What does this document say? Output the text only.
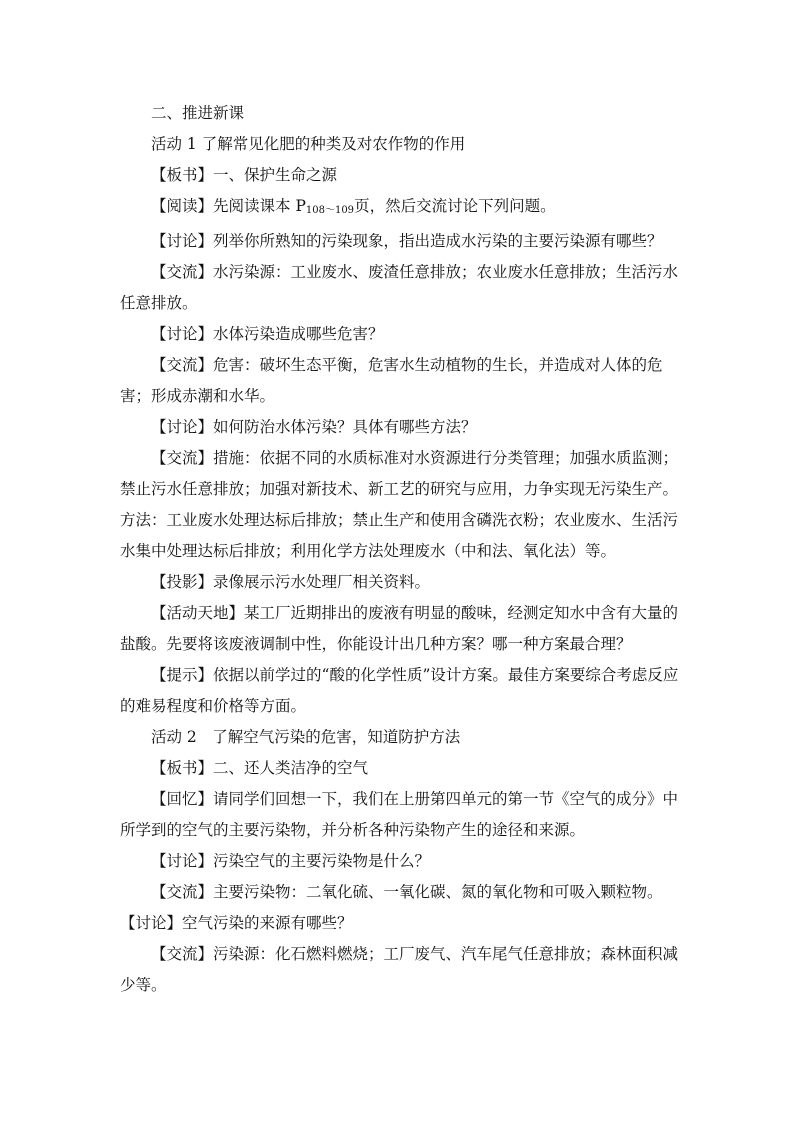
二、推进新课

活动 1 了解常见化肥的种类及对农作物的作用

【板书】一、保护生命之源

【阅读】先阅读课本 $P_{108\sim 109}$页，然后交流讨论下列问题。

【讨论】列举你所熟知的污染现象，指出造成水污染的主要污染源有哪些？

【交流】水污染源：工业废水、废渣任意排放；农业废水任意排放；生活污水任意排放。

【讨论】水体污染造成哪些危害？

【交流】危害：破坏生态平衡，危害水生动植物的生长，并造成对人体的危害；形成赤潮和水华。

【讨论】如何防治水体污染？具体有哪些方法？

【交流】措施：依据不同的水质标准对水资源进行分类管理；加强水质监测；禁止污水任意排放；加强对新技术、新工艺的研究与应用，力争实现无污染生产。方法：工业废水处理达标后排放；禁止生产和使用含磷洗衣粉；农业废水、生活污水集中处理达标后排放；利用化学方法处理废水（中和法、氧化法）等。

【投影】录像展示污水处理厂相关资料。

【活动天地】某工厂近期排出的废液有明显的酸味，经测定知水中含有大量的盐酸。先要将该废液调制中性，你能设计出几种方案？哪一种方案最合理？

【提示】依据以前学过的“酸的化学性质”设计方案。最佳方案要综合考虑反应的难易程度和价格等方面。

活动 2　了解空气污染的危害，知道防护方法

【板书】二、还人类洁净的空气

【回忆】请同学们回想一下，我们在上册第四单元的第一节《空气的成分》中所学到的空气的主要污染物，并分析各种污染物产生的途径和来源。

【讨论】污染空气的主要污染物是什么？

【交流】主要污染物：二氧化硫、一氧化碳、氮的氧化物和可吸入颗粒物。

【讨论】空气污染的来源有哪些？

【交流】污染源：化石燃料燃烧；工厂废气、汽车尾气任意排放；森林面积减少等。
